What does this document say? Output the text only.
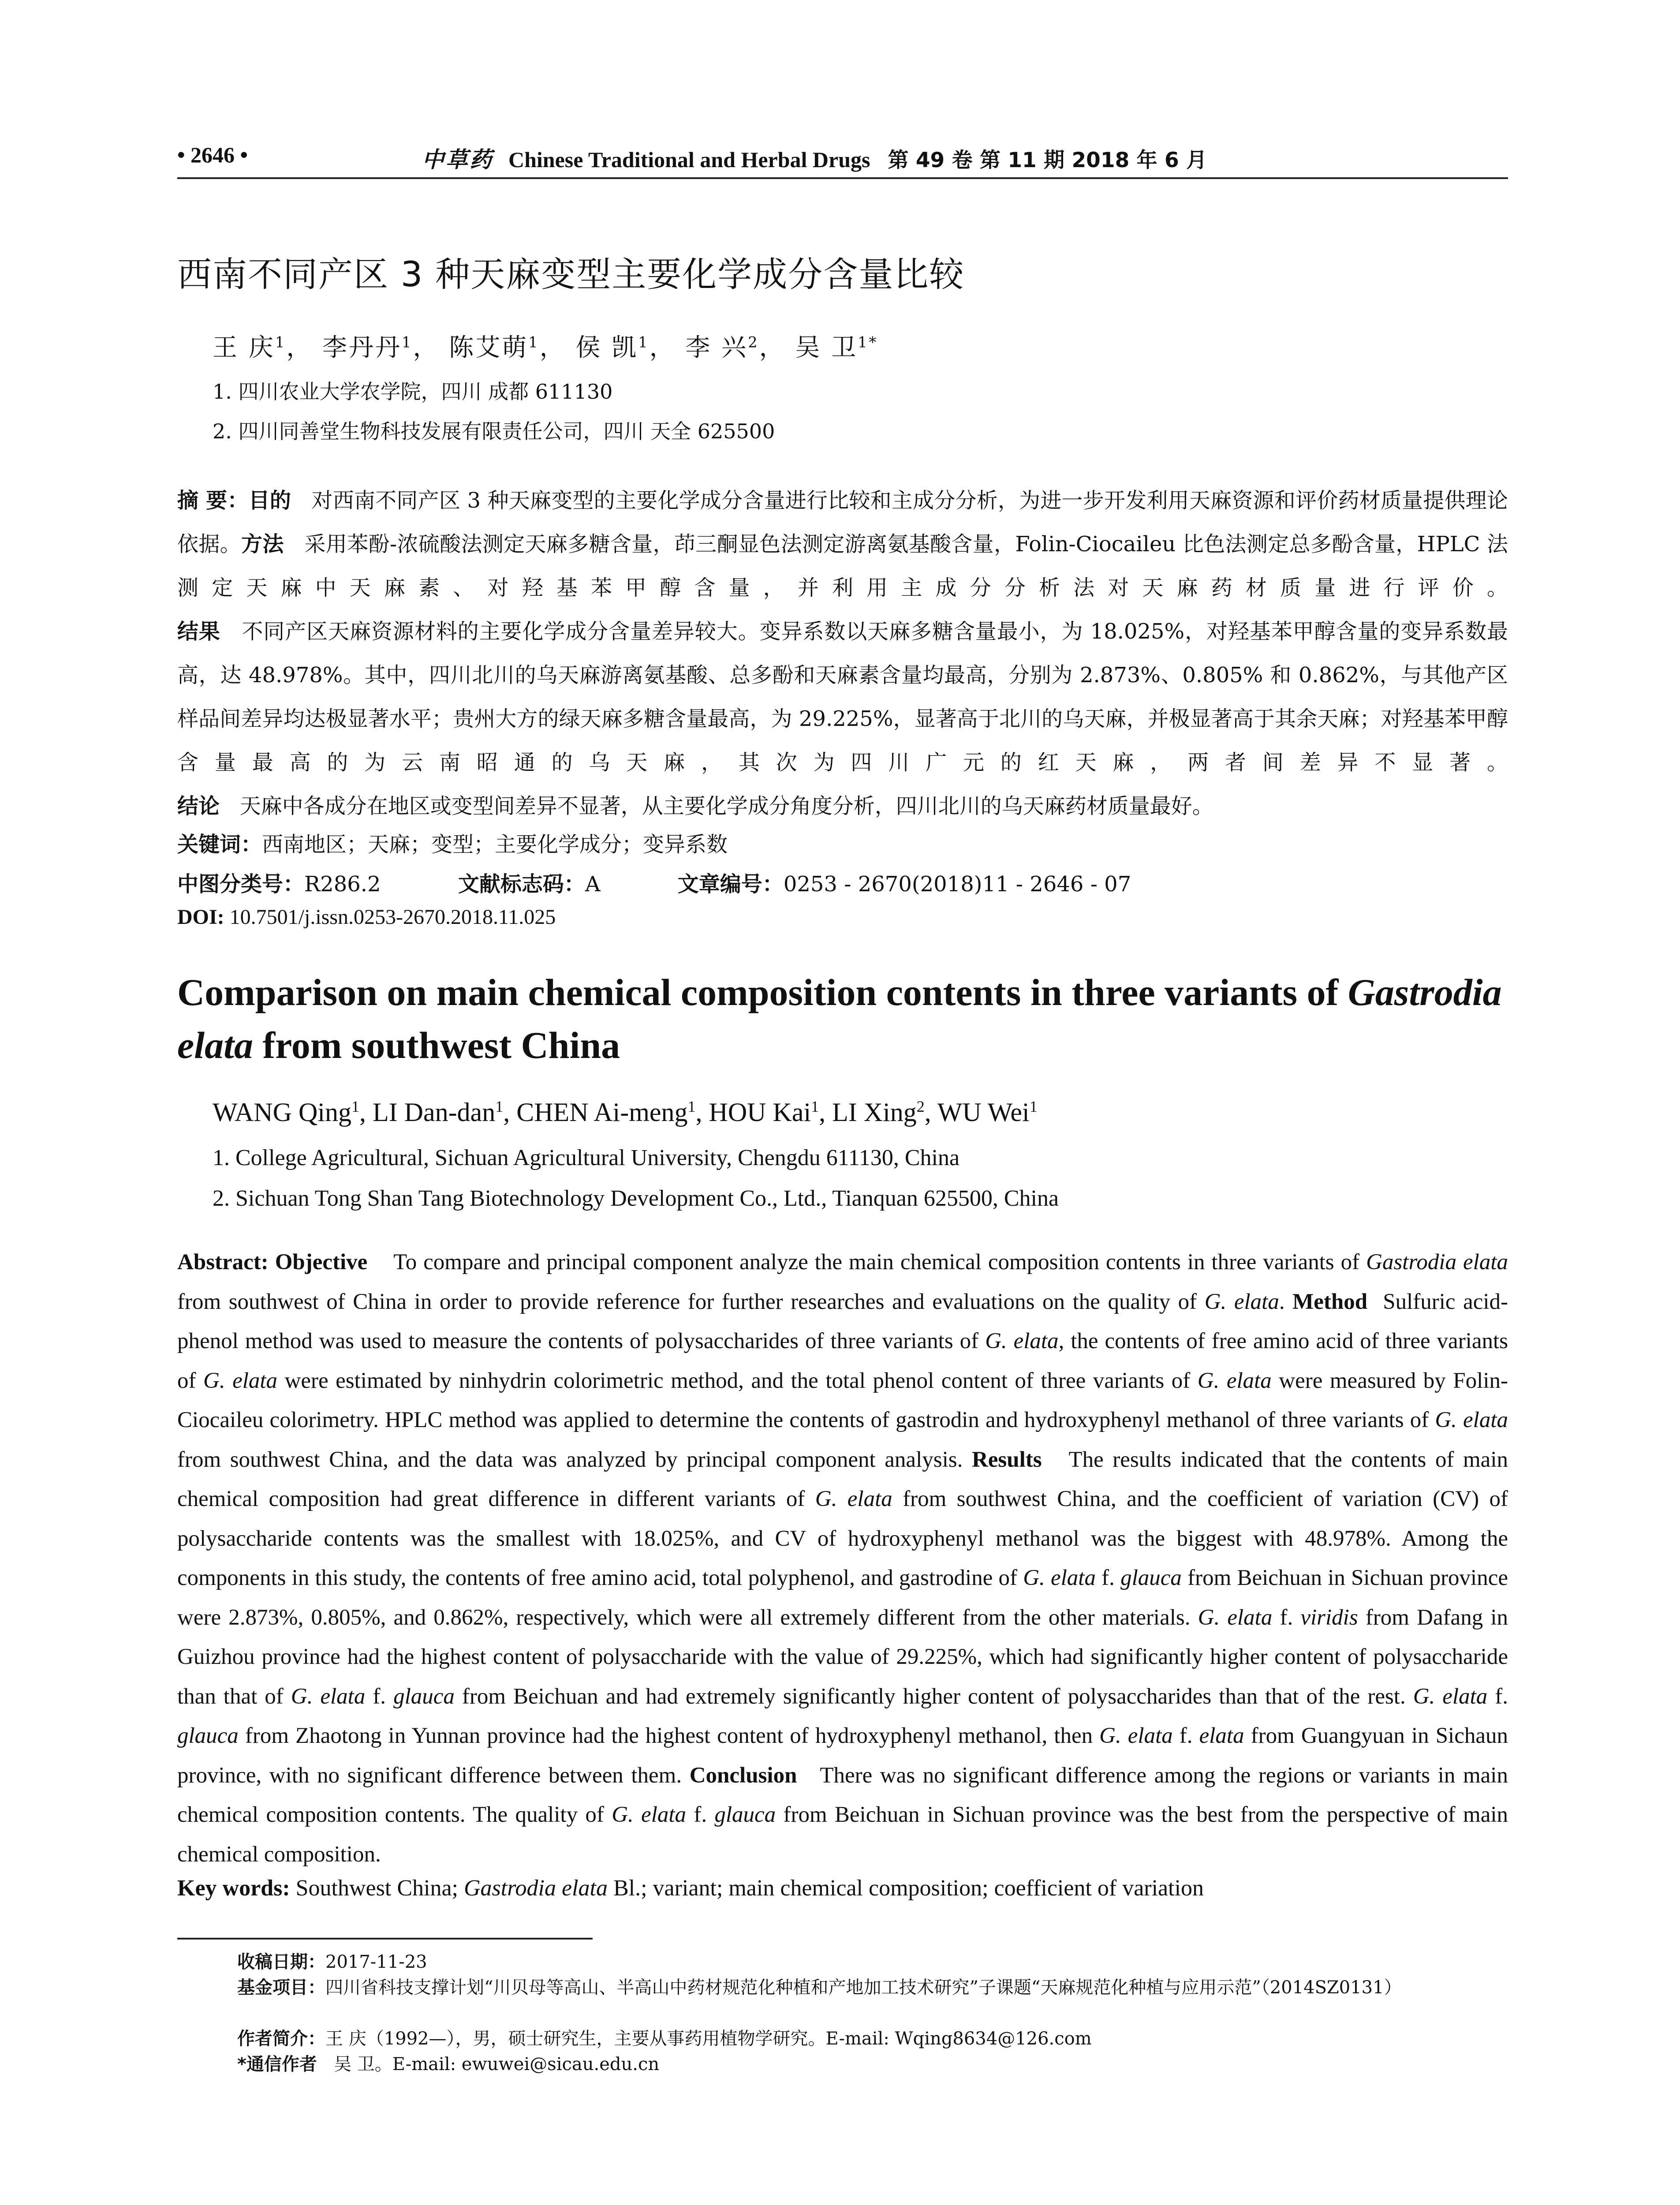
• 2646 •	中草药 Chinese Traditional and Herbal Drugs 第 49 卷 第 11 期 2018 年 6 月
西南不同产区 3 种天麻变型主要化学成分含量比较
王 庆$^1$， 李丹丹$^1$， 陈艾萌$^1$， 侯 凯$^1$， 李 兴$^2$， 吴 卫$^{1*}$
1. 四川农业大学农学院，四川 成都 611130
2. 四川同善堂生物科技发展有限责任公司，四川 天全 625500

摘 要：目的 对西南不同产区 3 种天麻变型的主要化学成分含量进行比较和主成分分析，为进一步开发利用天麻资源和评价药材质量提供理论依据。方法 采用苯酚-浓硫酸法测定天麻多糖含量，茚三酮显色法测定游离氨基酸含量，Folin-Ciocaileu 比色法测定总多酚含量，HPLC 法测定天麻中天麻素、对羟基苯甲醇含量，并利用主成分分析法对天麻药材质量进行评价。

结果 不同产区天麻资源材料的主要化学成分含量差异较大。变异系数以天麻多糖含量最小，为 18.025%，对羟基苯甲醇含量的变异系数最高，达 48.978%。其中，四川北川的乌天麻游离氨基酸、总多酚和天麻素含量均最高，分别为 2.873%、0.805% 和 0.862%，与其他产区样品间差异均达极显著水平；贵州大方的绿天麻多糖含量最高，为 29.225%，显著高于北川的乌天麻，并极显著高于其余天麻；对羟基苯甲醇含量最高的为云南昭通的乌天麻，其次为四川广元的红天麻，两者间差异不显著。

结论 天麻中各成分在地区或变型间差异不显著，从主要化学成分角度分析，四川北川的乌天麻药材质量最好。

关键词：西南地区；天麻；变型；主要化学成分；变异系数
中图分类号：R286.2	文献标志码：A	文章编号：0253 - 2670(2018)11 - 2646 - 07
DOI: 10.7501/j.issn.0253-2670.2018.11.025
Comparison on main chemical composition contents in three variants of Gastrodia elata from southwest China
WANG Qing$^1$, LI Dan-dan$^1$, CHEN Ai-meng$^1$, HOU Kai$^1$, LI Xing$^2$, WU Wei$^1$
1. College Agricultural, Sichuan Agricultural University, Chengdu 611130, China
2. Sichuan Tong Shan Tang Biotechnology Development Co., Ltd., Tianquan 625500, China

Abstract: Objective To compare and principal component analyze the main chemical composition contents in three variants of Gastrodia elata from southwest of China in order to provide reference for further researches and evaluations on the quality of G. elata. Method  Sulfuric acid-phenol method was used to measure the contents of polysaccharides of three variants of G. elata, the contents of free amino acid of three variants of G. elata were estimated by ninhydrin colorimetric method, and the total phenol content of three variants of G. elata were measured by Folin-Ciocaileu colorimetry. HPLC method was applied to determine the contents of gastrodin and hydroxyphenyl methanol of three variants of G. elata from southwest China, and the data was analyzed by principal component analysis. Results   The results indicated that the contents of main chemical composition had great difference in different variants of G. elata from southwest China, and the coefficient of variation (CV) of polysaccharide contents was the smallest with 18.025%, and CV of hydroxyphenyl methanol was the biggest with 48.978%. Among the components in this study, the contents of free amino acid, total polyphenol, and gastrodine of G. elata f. glauca from Beichuan in Sichuan province were 2.873%, 0.805%, and 0.862%, respectively, which were all extremely different from the other materials. G. elata f. viridis from Dafang in Guizhou province had the highest content of polysaccharide with the value of 29.225%, which had significantly higher content of polysaccharide than that of G. elata f. glauca from Beichuan and had extremely significantly higher content of polysaccharides than that of the rest. G. elata f. glauca from Zhaotong in Yunnan province had the highest content of hydroxyphenyl methanol, then G. elata f. elata from Guangyuan in Sichaun province, with no significant difference between them. Conclusion   There was no significant difference among the regions or variants in main chemical composition contents. The quality of G. elata f. glauca from Beichuan in Sichuan province was the best from the perspective of main chemical composition.

Key words: Southwest China; Gastrodia elata Bl.; variant; main chemical composition; coefficient of variation
收稿日期：2017-11-23
基金项目：四川省科技支撑计划“川贝母等高山、半高山中药材规范化种植和产地加工技术研究”子课题“天麻规范化种植与应用示范”（2014SZ0131）
作者简介：王 庆（1992—），男，硕士研究生，主要从事药用植物学研究。E-mail: Wqing8634@126.com
*通信作者 吴 卫。E-mail: ewuwei@sicau.edu.cn
